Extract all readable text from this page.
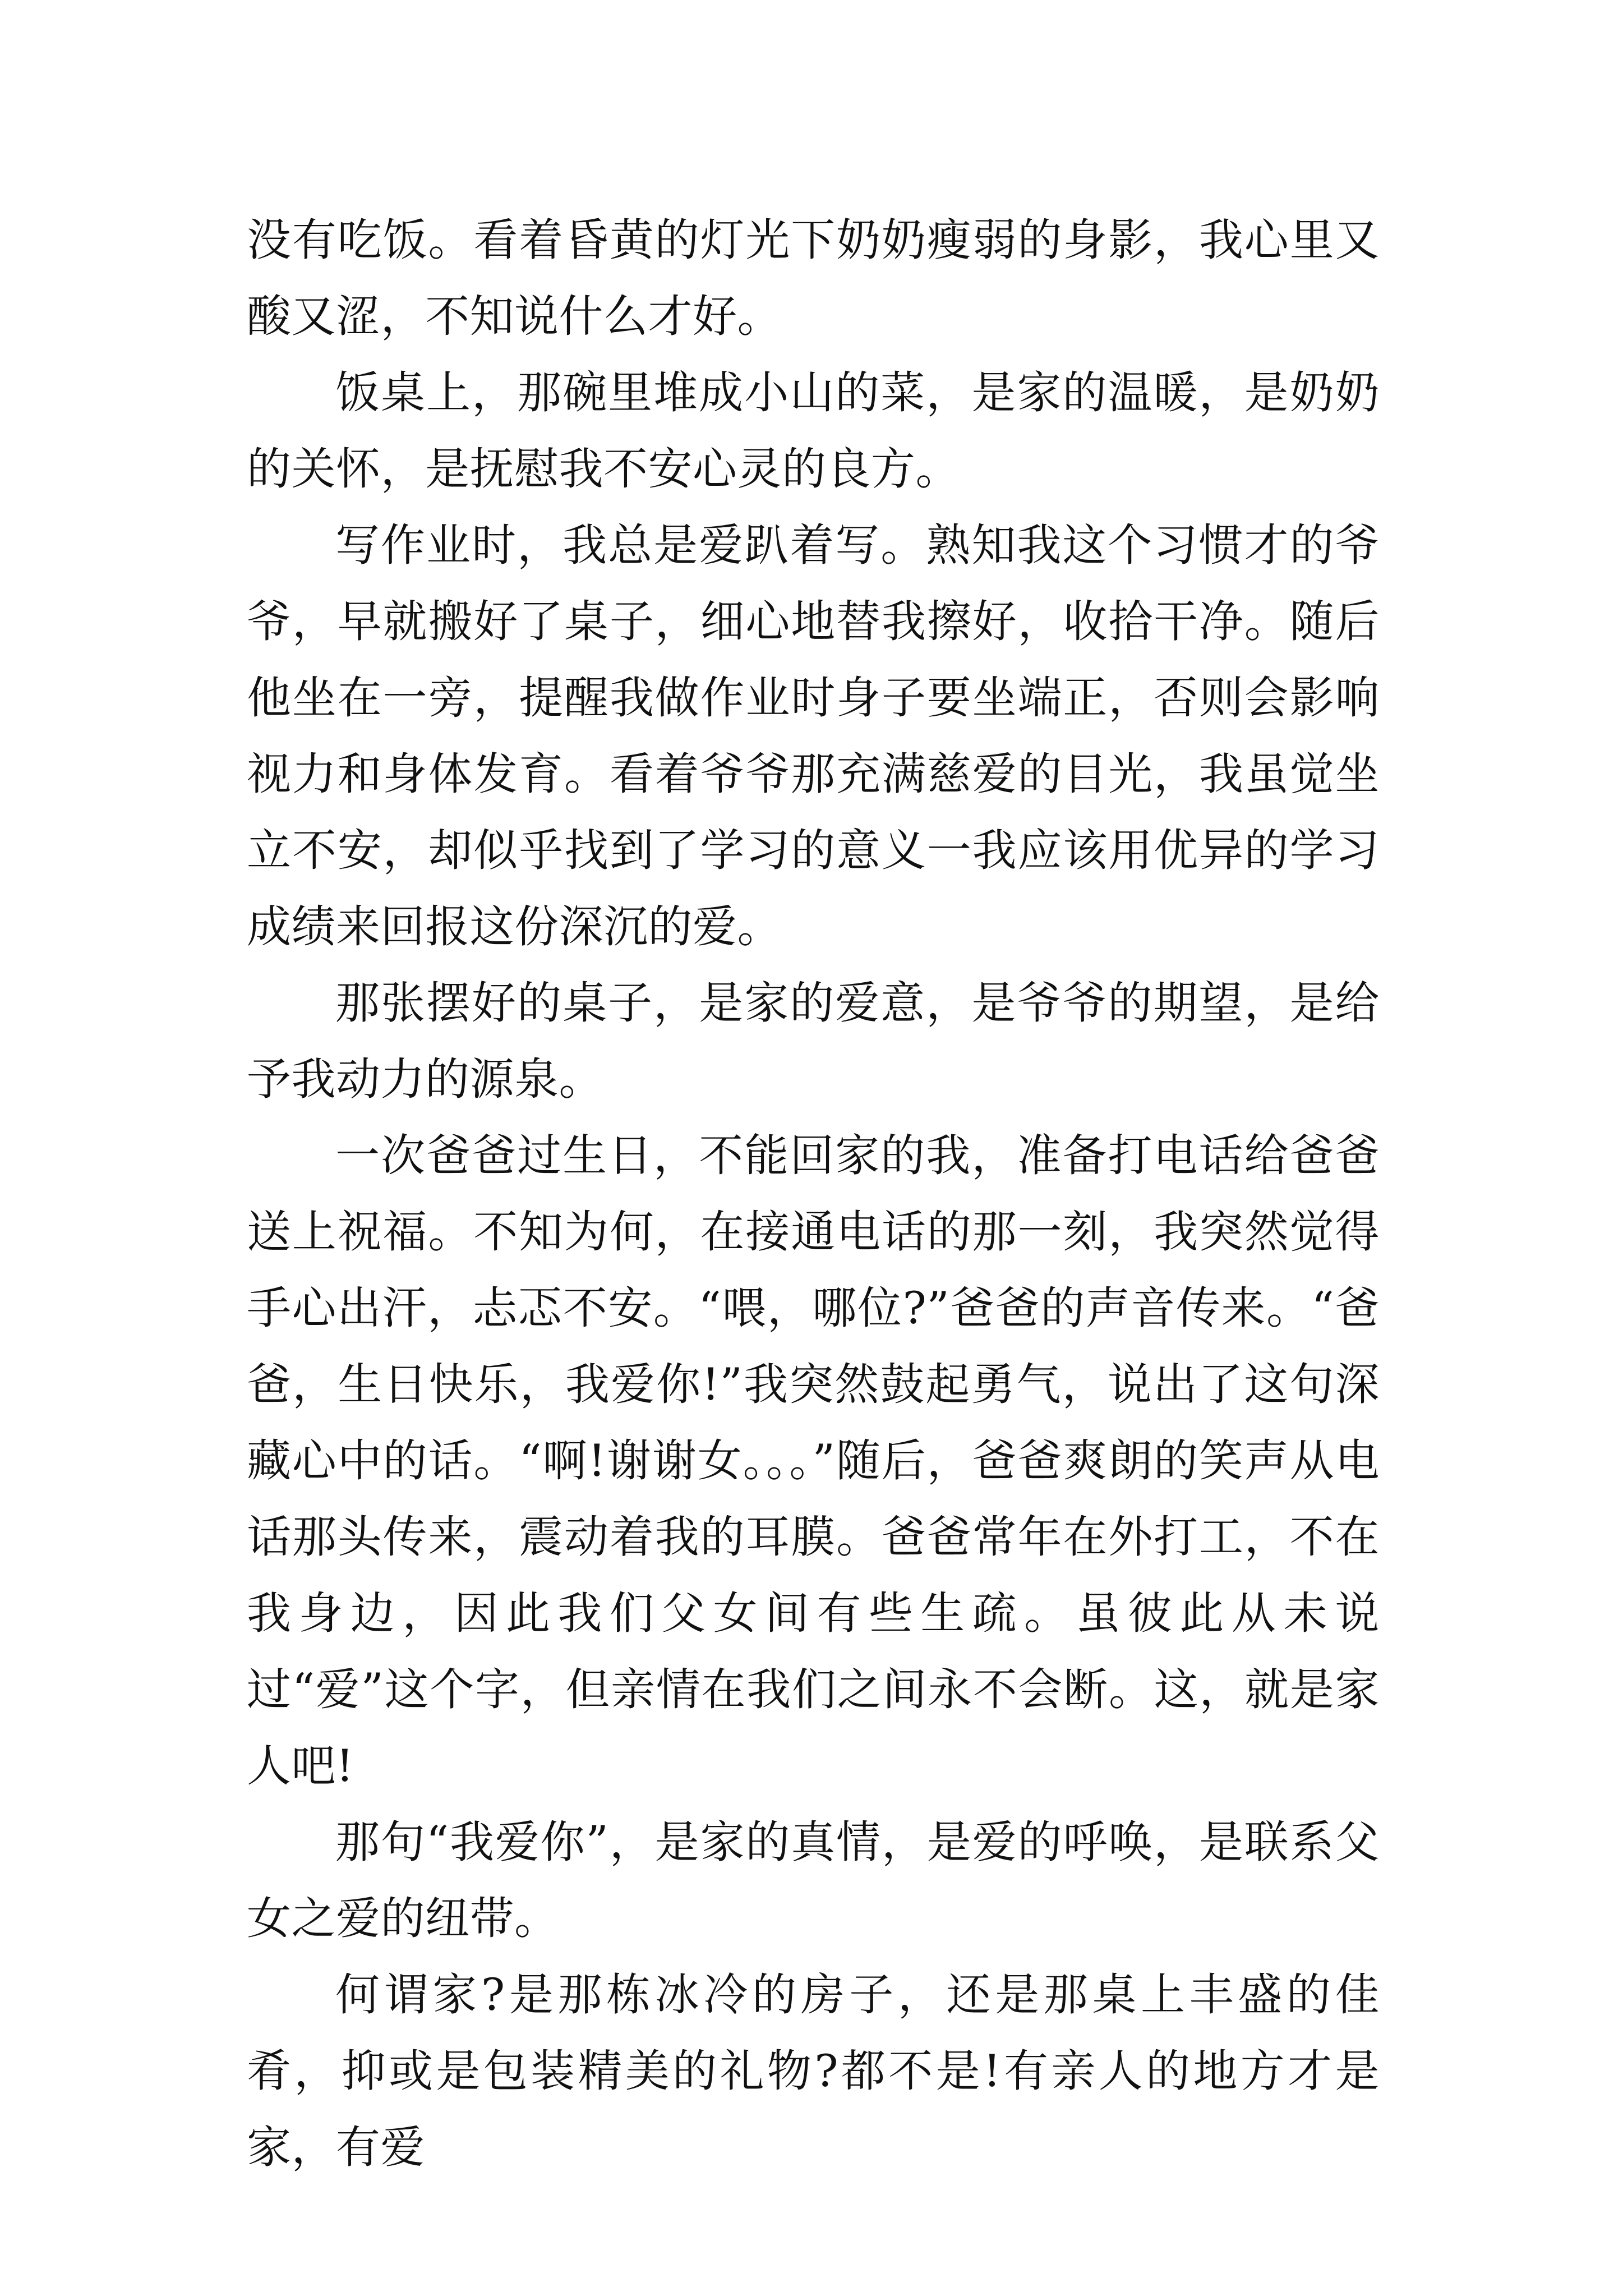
没有吃饭。看着昏黄的灯光下奶奶瘦弱的身影，我心里又酸又涩，不知说什么才好。

饭桌上，那碗里堆成小山的菜，是家的温暖，是奶奶的关怀，是抚慰我不安心灵的良方。

写作业时，我总是爱趴着写。熟知我这个习惯才的爷爷，早就搬好了桌子，细心地替我擦好，收拾干净。随后他坐在一旁，提醒我做作业时身子要坐端正，否则会影响视力和身体发育。看着爷爷那充满慈爱的目光，我虽觉坐立不安，却似乎找到了学习的意义一我应该用优异的学习成绩来回报这份深沉的爱。

那张摆好的桌子，是家的爱意，是爷爷的期望，是给予我动力的源泉。

一次爸爸过生日，不能回家的我，准备打电话给爸爸送上祝福。不知为何，在接通电话的那一刻，我突然觉得手心出汗，忐忑不安。“喂，哪位?”爸爸的声音传来。“爸爸，生日快乐，我爱你!”我突然鼓起勇气，说出了这句深藏心中的话。“啊!谢谢女。。。”随后，爸爸爽朗的笑声从电话那头传来，震动着我的耳膜。爸爸常年在外打工，不在我身边，因此我们父女间有些生疏。虽彼此从未说过“爱”这个字，但亲情在我们之间永不会断。这，就是家人吧!

那句“我爱你”，是家的真情，是爱的呼唤，是联系父女之爱的纽带。

何谓家?是那栋冰冷的房子，还是那桌上丰盛的佳肴，抑或是包装精美的礼物?都不是!有亲人的地方才是家，有爱
